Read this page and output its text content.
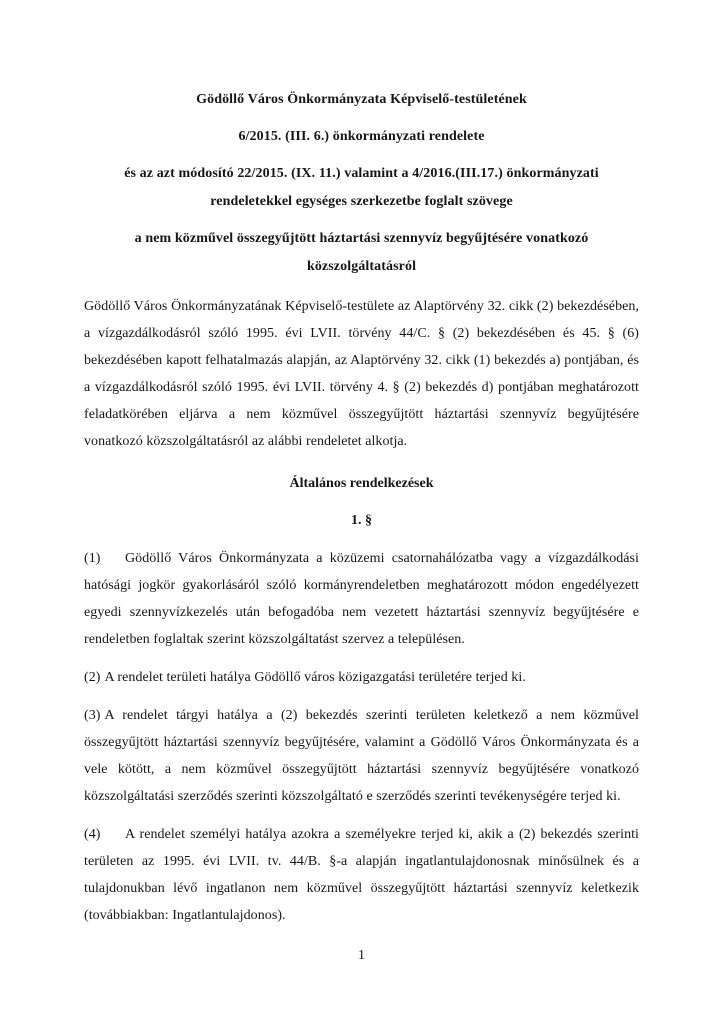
Gödöllő Város Önkormányzata Képviselő-testületének
6/2015. (III. 6.) önkormányzati rendelete
és az azt módosító 22/2015. (IX. 11.) valamint a 4/2016.(III.17.) önkormányzati
rendeletekkel egységes szerkezetbe foglalt szövege
a nem közművel összegyűjtött háztartási szennyvíz begyűjtésére vonatkozó
közszolgáltatásról

Gödöllő Város Önkormányzatának Képviselő-testülete az Alaptörvény 32. cikk (2) bekezdésében, a vízgazdálkodásról szóló 1995. évi LVII. törvény 44/C. § (2) bekezdésében és 45. § (6) bekezdésében kapott felhatalmazás alapján, az Alaptörvény 32. cikk (1) bekezdés a) pontjában, és a vízgazdálkodásról szóló 1995. évi LVII. törvény 4. § (2) bekezdés d) pontjában meghatározott feladatkörében eljárva a nem közművel összegyűjtött háztartási szennyvíz begyűjtésére vonatkozó közszolgáltatásról az alábbi rendeletet alkotja.

Általános rendelkezések
1. §

(1) Gödöllő Város Önkormányzata a közüzemi csatornahálózatba vagy a vízgazdálkodási hatósági jogkör gyakorlásáról szóló kormányrendeletben meghatározott módon engedélyezett egyedi szennyvízkezelés után befogadóba nem vezetett háztartási szennyvíz begyűjtésére e rendeletben foglaltak szerint közszolgáltatást szervez a településen.

(2) A rendelet területi hatálya Gödöllő város közigazgatási területére terjed ki.

(3) A rendelet tárgyi hatálya a (2) bekezdés szerinti területen keletkező a nem közművel összegyűjtött háztartási szennyvíz begyűjtésére, valamint a Gödöllő Város Önkormányzata és a vele kötött, a nem közművel összegyűjtött háztartási szennyvíz begyűjtésére vonatkozó közszolgáltatási szerződés szerinti közszolgáltató e szerződés szerinti tevékenységére terjed ki.

(4) A rendelet személyi hatálya azokra a személyekre terjed ki, akik a (2) bekezdés szerinti területen az 1995. évi LVII. tv. 44/B. §-a alapján ingatlantulajdonosnak minősülnek és a tulajdonukban lévő ingatlanon nem közművel összegyűjtött háztartási szennyvíz keletkezik (továbbiakban: Ingatlantulajdonos).

1
